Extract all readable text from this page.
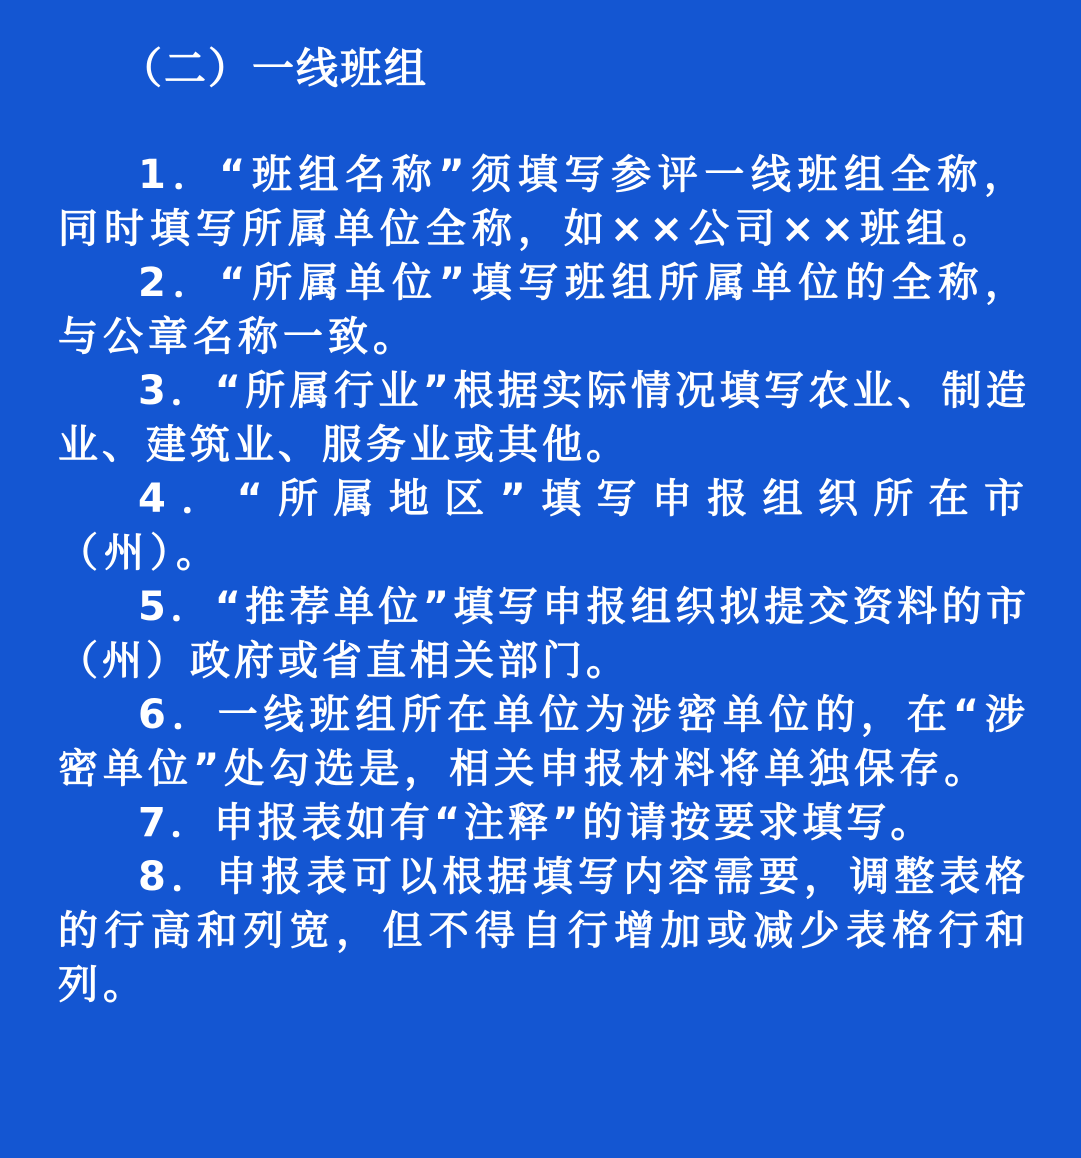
（二）一线班组

1．“班组名称”须填写参评一线班组全称，同时填写所属单位全称，如××公司××班组。

2．“所属单位”填写班组所属单位的全称，与公章名称一致。

3．“所属行业”根据实际情况填写农业、制造业、建筑业、服务业或其他。

4．“所属地区”填写申报组织所在市（州）。

5．“推荐单位”填写申报组织拟提交资料的市（州）政府或省直相关部门。

6．一线班组所在单位为涉密单位的，在“涉密单位”处勾选是，相关申报材料将单独保存。

7．申报表如有“注释”的请按要求填写。

8．申报表可以根据填写内容需要，调整表格的行高和列宽，但不得自行增加或减少表格行和列。
